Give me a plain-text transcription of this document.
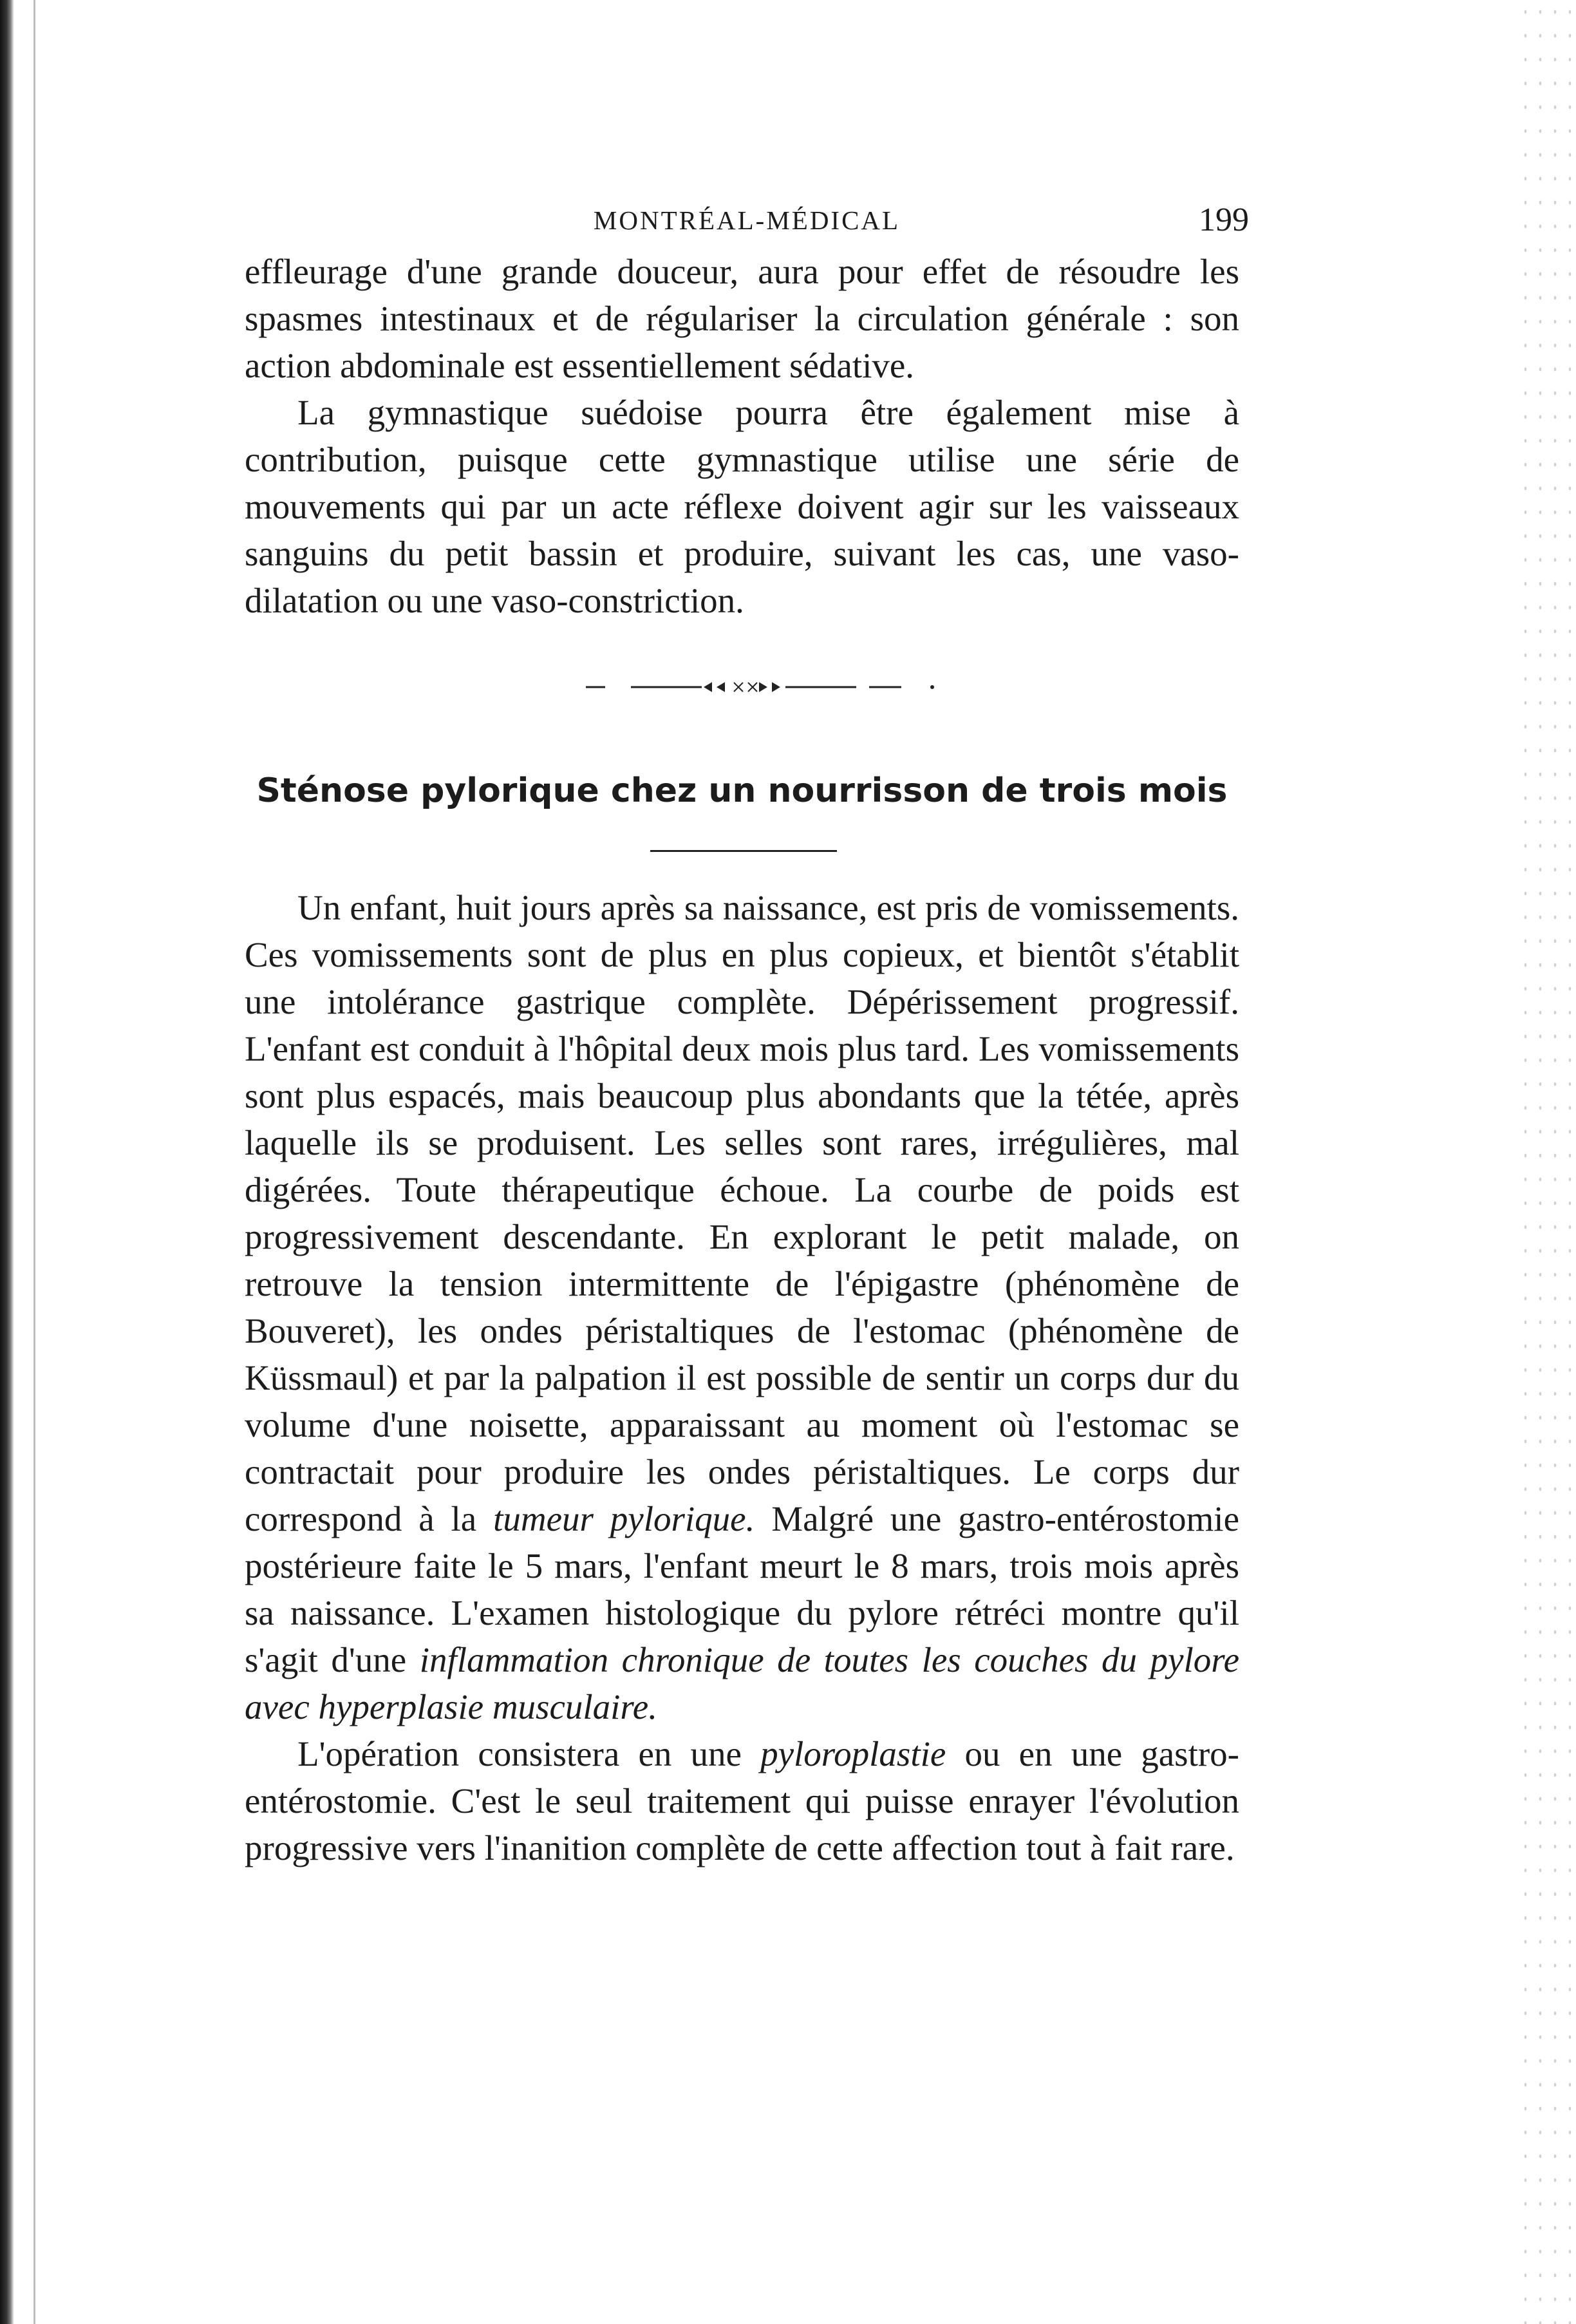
MONTRÉAL-MÉDICAL	199

effleurage d'une grande douceur, aura pour effet de résoudre les spasmes intestinaux et de régulariser la circulation générale : son action abdominale est essentiellement sédative.

La gymnastique suédoise pourra être également mise à contribution, puisque cette gymnastique utilise une série de mouvements qui par un acte réflexe doivent agir sur les vaisseaux sanguins du petit bassin et produire, suivant les cas, une vaso-dilatation ou une vaso-constriction.

Sténose pylorique chez un nourrisson de trois mois

Un enfant, huit jours après sa naissance, est pris de vomissements. Ces vomissements sont de plus en plus copieux, et bientôt s'établit une intolérance gastrique complète. Dépérissement progressif. L'enfant est conduit à l'hôpital deux mois plus tard. Les vomissements sont plus espacés, mais beaucoup plus abondants que la tétée, après laquelle ils se produisent. Les selles sont rares, irrégulières, mal digérées. Toute thérapeutique échoue. La courbe de poids est progressivement descendante. En explorant le petit malade, on retrouve la tension intermittente de l'épigastre (phénomène de Bouveret), les ondes péristaltiques de l'estomac (phénomène de Küssmaul) et par la palpation il est possible de sentir un corps dur du volume d'une noisette, apparaissant au moment où l'estomac se contractait pour produire les ondes péristaltiques. Le corps dur correspond à la tumeur pylorique. Malgré une gastro-entérostomie postérieure faite le 5 mars, l'enfant meurt le 8 mars, trois mois après sa naissance. L'examen histologique du pylore rétréci montre qu'il s'agit d'une inflammation chronique de toutes les couches du pylore avec hyperplasie musculaire.

L'opération consistera en une pyloroplastie ou en une gastro-entérostomie. C'est le seul traitement qui puisse enrayer l'évolution progressive vers l'inanition complète de cette affection tout à fait rare.
